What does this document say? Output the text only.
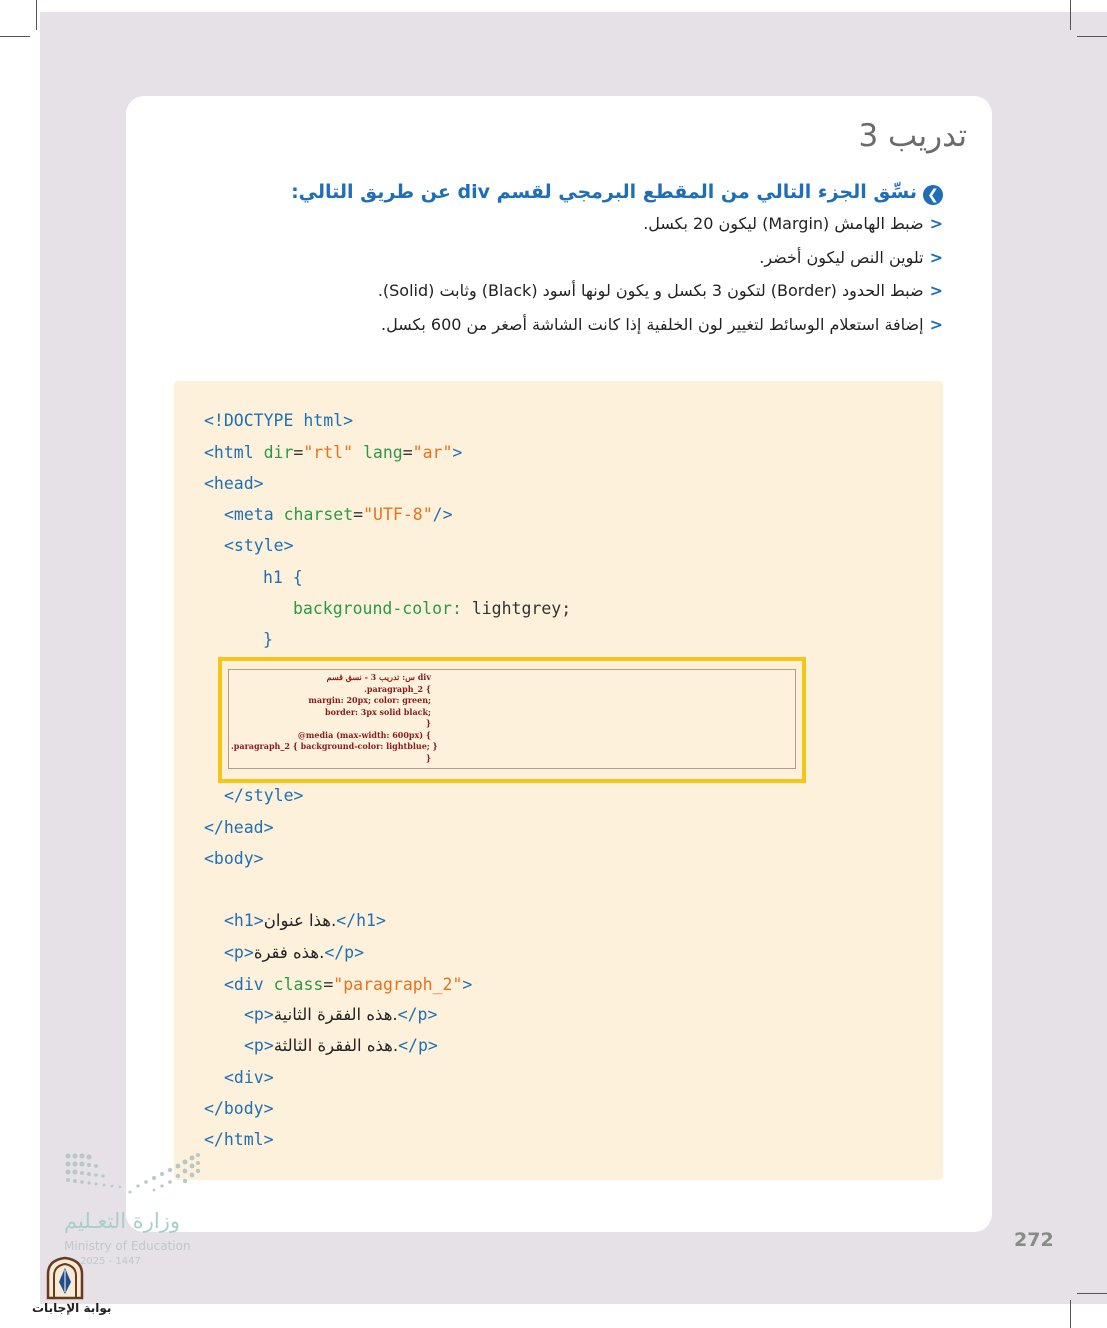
تدريب 3
❮
نسِّق الجزء التالي من المقطع البرمجي لقسم div عن طريق التالي:
<ضبط الهامش (Margin) ليكون 20 بكسل.
<تلوين النص ليكون أخضر.
<ضبط الحدود (Border) لتكون 3 بكسل و يكون لونها أسود (Black) وثابت (Solid).
<إضافة استعلام الوسائط لتغيير لون الخلفية إذا كانت الشاشة أصغر من 600 بكسل.
<!DOCTYPE html>
<html dir="rtl" lang="ar">
<head>
<meta charset="UTF-8"/>
<style>
h1 {
background-color: lightgrey;
}
س: تدريب 3 - نسق قسم div
.paragraph_2 {
margin: 20px; color: green;
border: 3px solid black;
}
@media (max-width: 600px) {
.paragraph_2 { background-color: lightblue; }
}
</style>
</head>
<body>
<h1>هذا عنوان.</h1>
<p>هذه فقرة.</p>
<div class="paragraph_2">
<p>هذه الفقرة الثانية.</p>
<p>هذه الفقرة الثالثة.</p>
<div>
</body>
</html>
272
وزارة التعـليم
Ministry of Education
2025 - 1447
بوابة الإجابات
